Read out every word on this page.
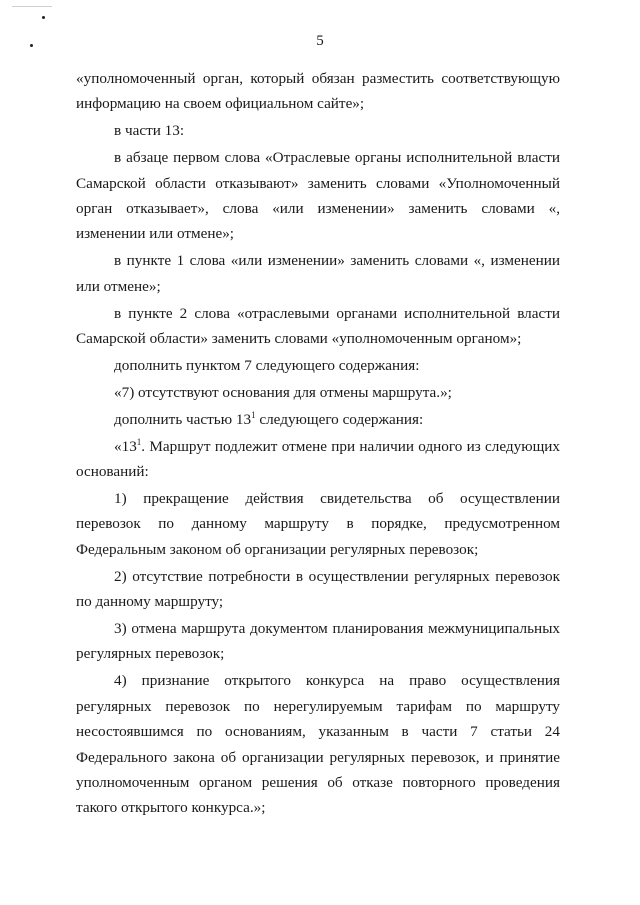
5

«уполномоченный орган, который обязан разместить соответствующую информацию на своем официальном сайте»;

в части 13:

в абзаце первом слова «Отраслевые органы исполнительной власти Самарской области отказывают» заменить словами «Уполномоченный орган отказывает», слова «или изменении» заменить словами «, изменении или отмене»;

в пункте 1 слова «или изменении» заменить словами «, изменении или отмене»;

в пункте 2 слова «отраслевыми органами исполнительной власти Самарской области» заменить словами «уполномоченным органом»;

дополнить пунктом 7 следующего содержания:

«7) отсутствуют основания для отмены маршрута.»;

дополнить частью $13^1$ следующего содержания:

«$13^1$. Маршрут подлежит отмене при наличии одного из следующих оснований:

1) прекращение действия свидетельства об осуществлении перевозок по данному маршруту в порядке, предусмотренном Федеральным законом об организации регулярных перевозок;

2) отсутствие потребности в осуществлении регулярных перевозок по данному маршруту;

3) отмена маршрута документом планирования межмуниципальных регулярных перевозок;

4) признание открытого конкурса на право осуществления регулярных перевозок по нерегулируемым тарифам по маршруту несостоявшимся по основаниям, указанным в части 7 статьи 24 Федерального закона об организации регулярных перевозок, и принятие уполномоченным органом решения об отказе повторного проведения такого открытого конкурса.»;
